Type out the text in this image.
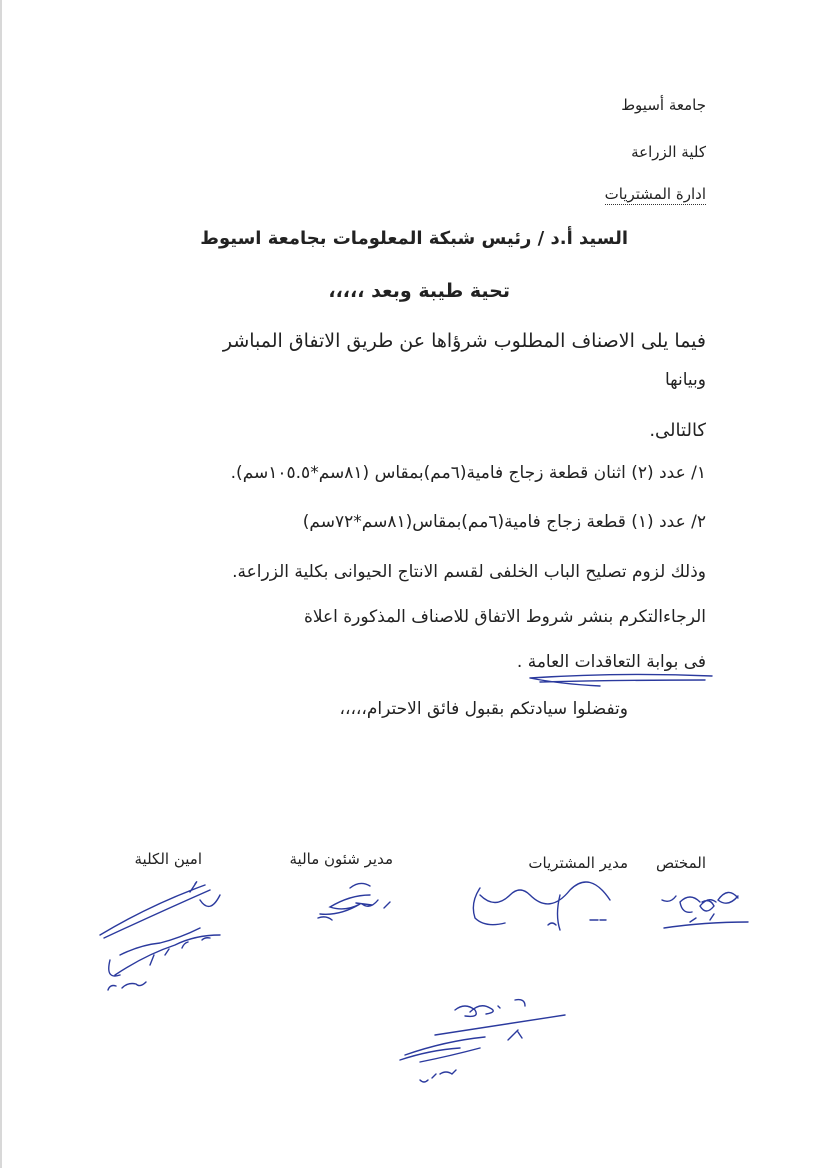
جامعة أسيوط
كلية الزراعة
ادارة المشتريات
السيد أ.د / رئيس شبكة المعلومات بجامعة اسيوط
تحية طيبة وبعد ،،،،،
فيما يلى الاصناف المطلوب شرؤاها عن طريق الاتفاق المباشر
وبيانها
كالتالى.
١/ عدد (٢) اثنان قطعة زجاج فامية(٦مم)بمقاس (٨١سم*١٠٥.٥سم).
٢/ عدد (١) قطعة زجاج فامية(٦مم)بمقاس(٨١سم*٧٢سم)
وذلك لزوم تصليح الباب الخلفى لقسم الانتاج الحيوانى بكلية الزراعة.
الرجاءالتكرم بنشر شروط الاتفاق للاصناف المذكورة اعلاة
فى بوابة التعاقدات العامة .
وتفضلوا سيادتكم بقبول فائق الاحترام،،،،،
المختص
مدير المشتريات
مدير شئون مالية
امين الكلية
